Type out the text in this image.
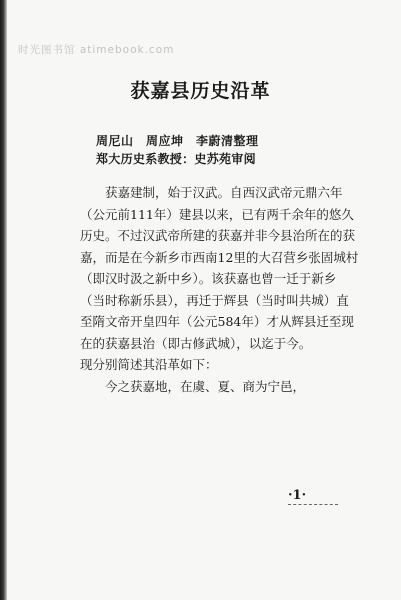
时光图书馆 atimebook.com
获嘉县历史沿革
周尼山　周应坤　李蔚清整理
郑大历史系教授：史苏苑审阅

获嘉建制，始于汉武。自西汉武帝元鼎六年（公元前111年）建县以来，已有两千余年的悠久历史。不过汉武帝所建的获嘉并非今县治所在的获嘉，而是在今新乡市西南12里的大召营乡张固城村（即汉时汲之新中乡）。该获嘉也曾一迁于新乡（当时称新乐县），再迁于辉县（当时叫共城）直至隋文帝开皇四年（公元584年）才从辉县迁至现在的获嘉县治（即古修武城），以迄于今。

现分别简述其沿革如下：

今之获嘉地，在虞、夏、商为宁邑，

·1·
